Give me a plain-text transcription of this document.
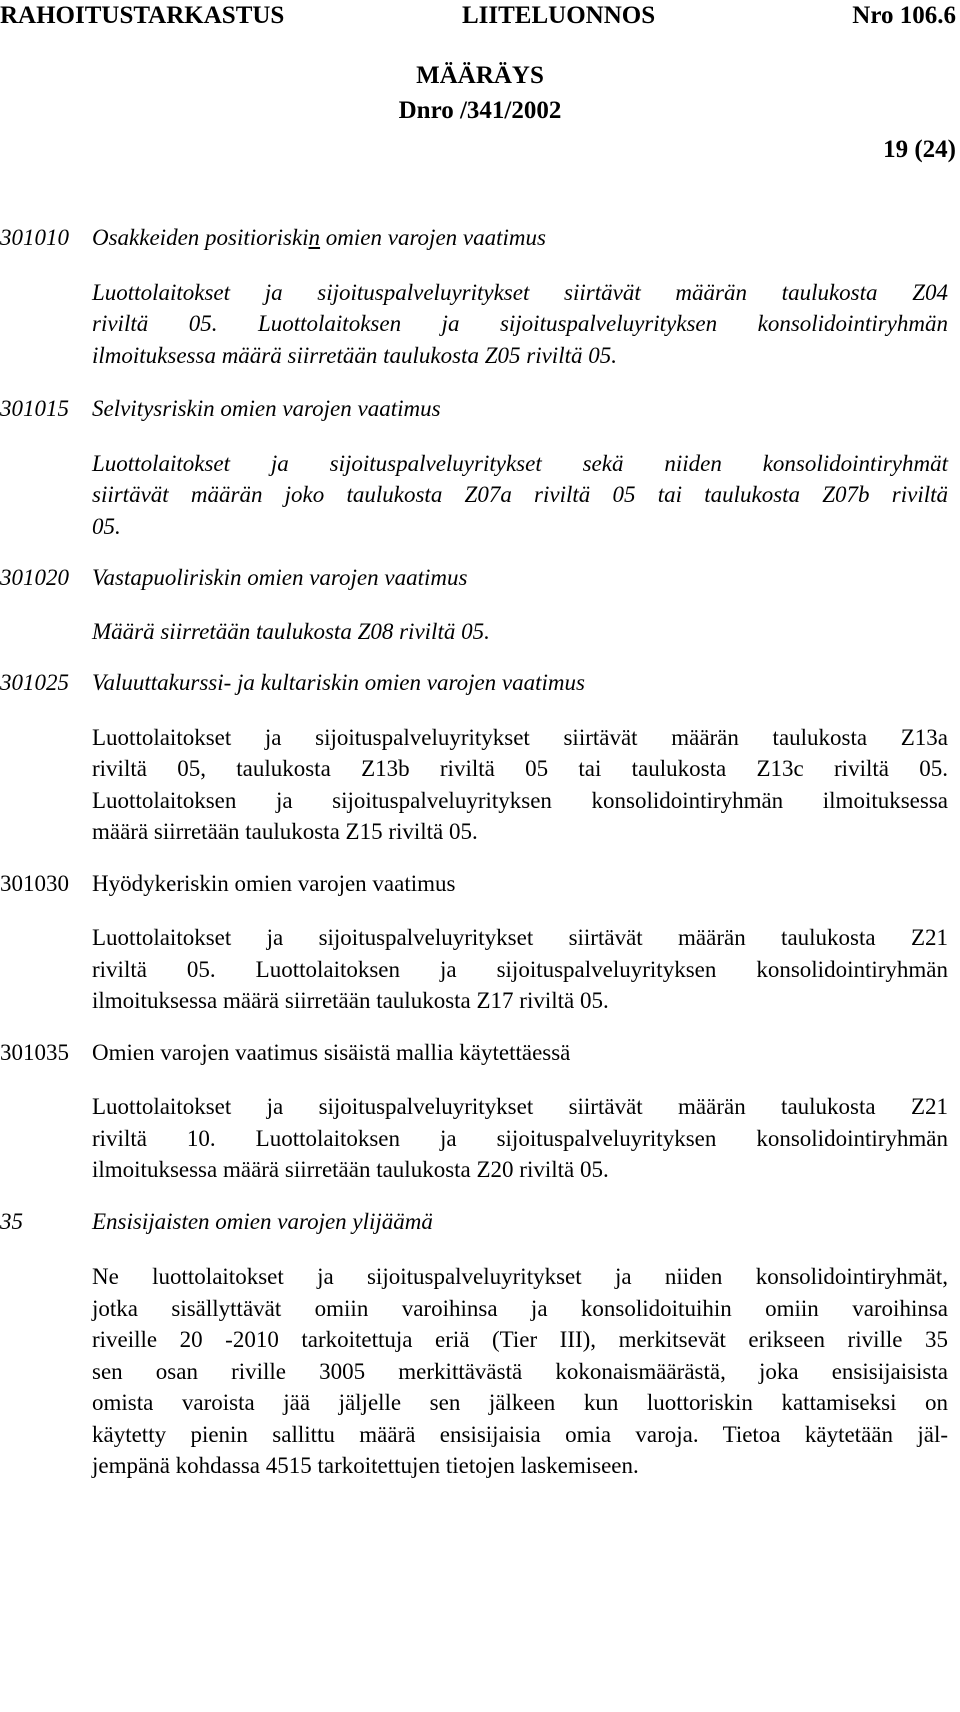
RAHOITUSTARKASTUS	LIITELUONNOS	Nro 106.6
MÄÄRÄYS
Dnro /341/2002
19 (24)
301010 Osakkeiden positioriskin omien varojen vaatimus
Luottolaitokset ja sijoituspalveluyritykset siirtävät määrän taulukosta Z04
riviltä 05. Luottolaitoksen ja sijoituspalveluyrityksen konsolidointiryhmän
ilmoituksessa määrä siirretään taulukosta Z05 riviltä 05.
301015 Selvitysriskin omien varojen vaatimus
Luottolaitokset ja sijoituspalveluyritykset sekä niiden konsolidointiryhmät
siirtävät määrän joko taulukosta Z07a riviltä 05 tai taulukosta Z07b riviltä
05.
301020 Vastapuoliriskin omien varojen vaatimus
Määrä siirretään taulukosta Z08 riviltä 05.
301025 Valuuttakurssi- ja kultariskin omien varojen vaatimus
Luottolaitokset ja sijoituspalveluyritykset siirtävät määrän taulukosta Z13a
riviltä 05, taulukosta Z13b riviltä 05 tai taulukosta Z13c riviltä 05.
Luottolaitoksen ja sijoituspalveluyrityksen konsolidointiryhmän ilmoituksessa
määrä siirretään taulukosta Z15 riviltä 05.
301030 Hyödykeriskin omien varojen vaatimus
Luottolaitokset ja sijoituspalveluyritykset siirtävät määrän taulukosta Z21
riviltä 05. Luottolaitoksen ja sijoituspalveluyrityksen konsolidointiryhmän
ilmoituksessa määrä siirretään taulukosta Z17 riviltä 05.
301035 Omien varojen vaatimus sisäistä mallia käytettäessä
Luottolaitokset ja sijoituspalveluyritykset siirtävät määrän taulukosta Z21
riviltä 10. Luottolaitoksen ja sijoituspalveluyrityksen konsolidointiryhmän
ilmoituksessa määrä siirretään taulukosta Z20 riviltä 05.
35	Ensisijaisten omien varojen ylijäämä
Ne luottolaitokset ja sijoituspalveluyritykset ja niiden konsolidointiryhmät,
jotka sisällyttävät omiin varoihinsa ja konsolidoituihin omiin varoihinsa
riveille 20 -2010 tarkoitettuja eriä (Tier III), merkitsevät erikseen riville 35
sen osan riville 3005 merkittävästä kokonaismäärästä, joka ensisijaisista
omista varoista jää jäljelle sen jälkeen kun luottoriskin kattamiseksi on
käytetty pienin sallittu määrä ensisijaisia omia varoja. Tietoa käytetään jäl-
jempänä kohdassa 4515 tarkoitettujen tietojen laskemiseen.
